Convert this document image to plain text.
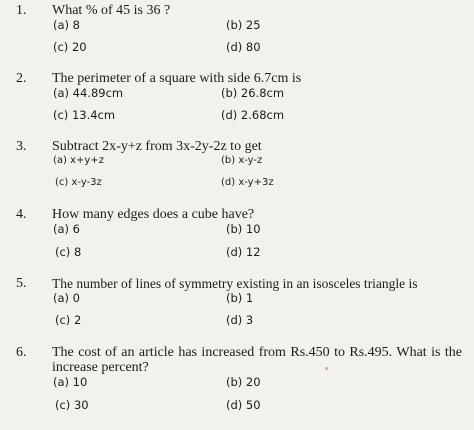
1. What % of 45 is 36 ?
(a) 8	(b) 25
(c) 20	(d) 80
2. The perimeter of a square with side 6.7cm is
(a) 44.89cm	(b) 26.8cm
(c) 13.4cm	(d) 2.68cm
3. Subtract 2x-y+z from 3x-2y-2z to get
(a) x+y+z	(b) x-y-z
(c) x-y-3z	(d) x-y+3z
4. How many edges does a cube have?
(a) 6	(b) 10
(c) 8	(d) 12
5. The number of lines of symmetry existing in an isosceles triangle is
(a) 0	(b) 1
(c) 2	(d) 3
6. The cost of an article has increased from Rs.450 to Rs.495. What is the increase percent?
(a) 10	(b) 20
(c) 30	(d) 50
